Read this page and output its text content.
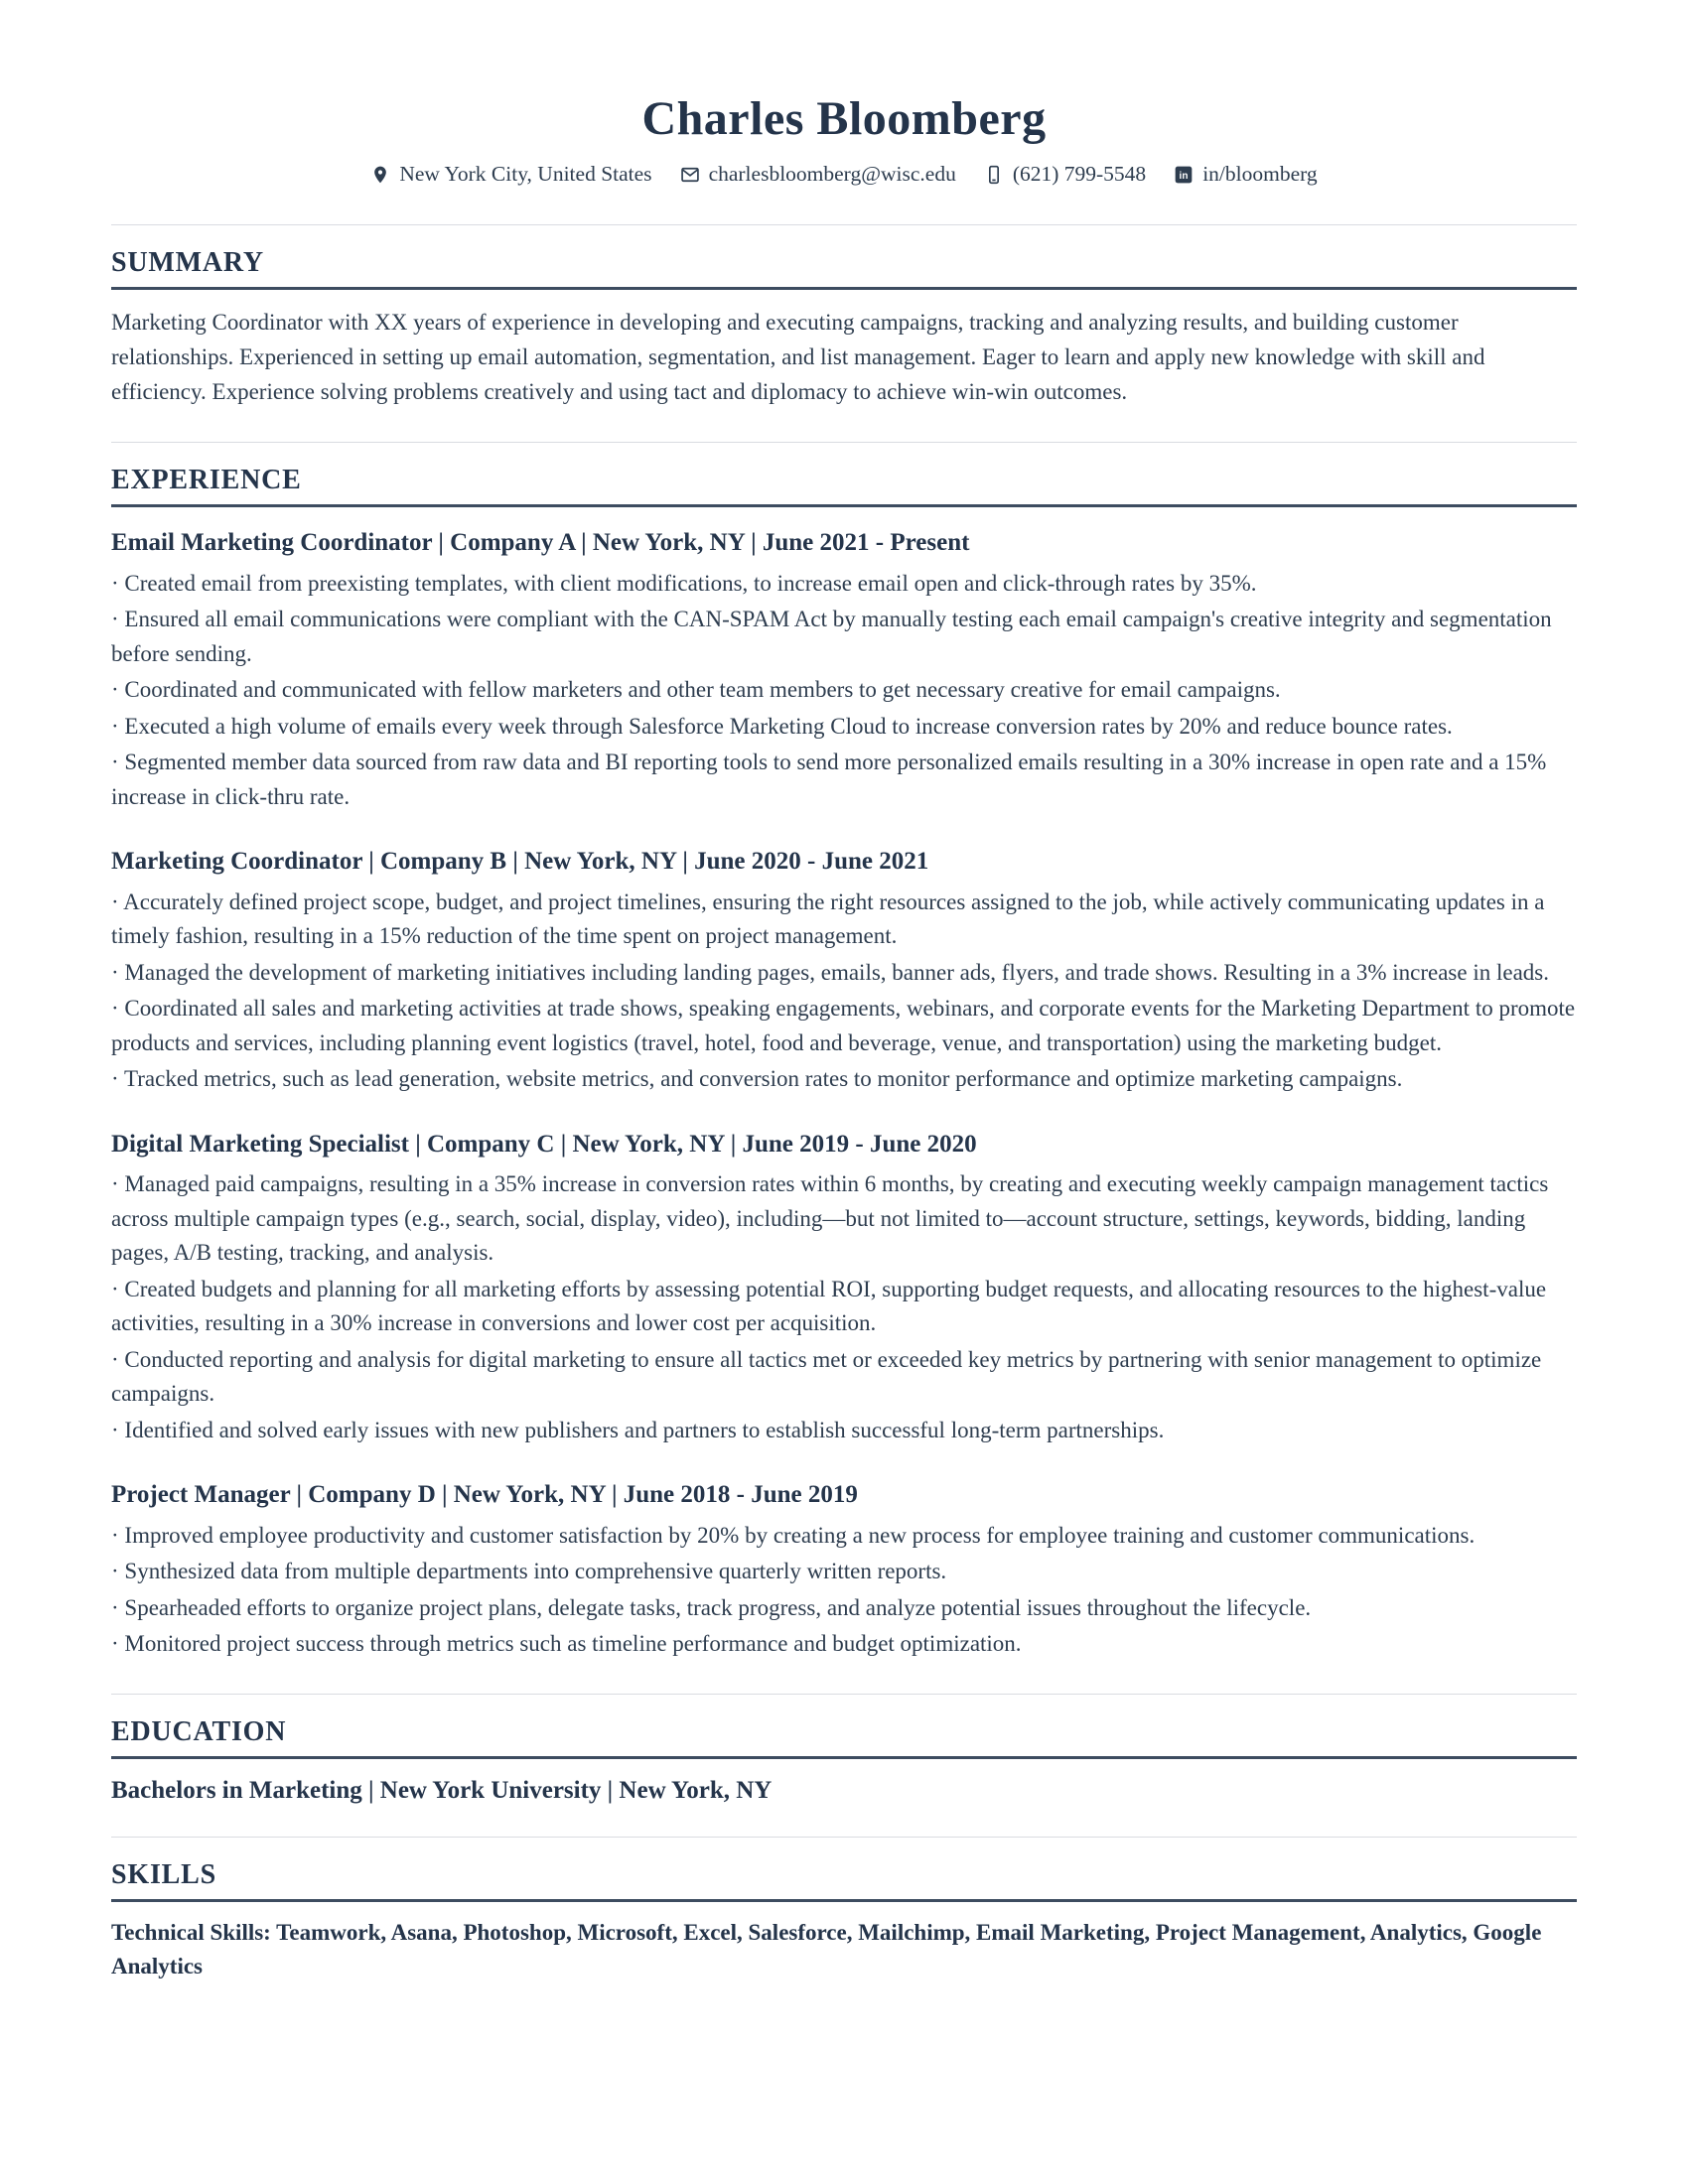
Charles Bloomberg
New York City, United States	charlesbloomberg@wisc.edu	(621) 799-5548	in in/bloomberg
SUMMARY

Marketing Coordinator with XX years of experience in developing and executing campaigns, tracking and analyzing results, and building customer relationships. Experienced in setting up email automation, segmentation, and list management. Eager to learn and apply new knowledge with skill and efficiency. Experience solving problems creatively and using tact and diplomacy to achieve win-win outcomes.

EXPERIENCE

Email Marketing Coordinator | Company A | New York, NY | June 2021 - Present

· Created email from preexisting templates, with client modifications, to increase email open and click-through rates by 35%.

· Ensured all email communications were compliant with the CAN-SPAM Act by manually testing each email campaign's creative integrity and segmentation before sending.

· Coordinated and communicated with fellow marketers and other team members to get necessary creative for email campaigns.

· Executed a high volume of emails every week through Salesforce Marketing Cloud to increase conversion rates by 20% and reduce bounce rates.

· Segmented member data sourced from raw data and BI reporting tools to send more personalized emails resulting in a 30% increase in open rate and a 15% increase in click-thru rate.

Marketing Coordinator | Company B | New York, NY | June 2020 - June 2021

· Accurately defined project scope, budget, and project timelines, ensuring the right resources assigned to the job, while actively communicating updates in a timely fashion, resulting in a 15% reduction of the time spent on project management.

· Managed the development of marketing initiatives including landing pages, emails, banner ads, flyers, and trade shows. Resulting in a 3% increase in leads.

· Coordinated all sales and marketing activities at trade shows, speaking engagements, webinars, and corporate events for the Marketing Department to promote products and services, including planning event logistics (travel, hotel, food and beverage, venue, and transportation) using the marketing budget.

· Tracked metrics, such as lead generation, website metrics, and conversion rates to monitor performance and optimize marketing campaigns.

Digital Marketing Specialist | Company C | New York, NY | June 2019 - June 2020

· Managed paid campaigns, resulting in a 35% increase in conversion rates within 6 months, by creating and executing weekly campaign management tactics across multiple campaign types (e.g., search, social, display, video), including—but not limited to—account structure, settings, keywords, bidding, landing pages, A/B testing, tracking, and analysis.

· Created budgets and planning for all marketing efforts by assessing potential ROI, supporting budget requests, and allocating resources to the highest-value activities, resulting in a 30% increase in conversions and lower cost per acquisition.

· Conducted reporting and analysis for digital marketing to ensure all tactics met or exceeded key metrics by partnering with senior management to optimize campaigns.

· Identified and solved early issues with new publishers and partners to establish successful long-term partnerships.

Project Manager | Company D | New York, NY | June 2018 - June 2019

· Improved employee productivity and customer satisfaction by 20% by creating a new process for employee training and customer communications.

· Synthesized data from multiple departments into comprehensive quarterly written reports.

· Spearheaded efforts to organize project plans, delegate tasks, track progress, and analyze potential issues throughout the lifecycle.

· Monitored project success through metrics such as timeline performance and budget optimization.

EDUCATION

Bachelors in Marketing | New York University | New York, NY

SKILLS

Technical Skills: Teamwork, Asana, Photoshop, Microsoft, Excel, Salesforce, Mailchimp, Email Marketing, Project Management, Analytics, Google Analytics
